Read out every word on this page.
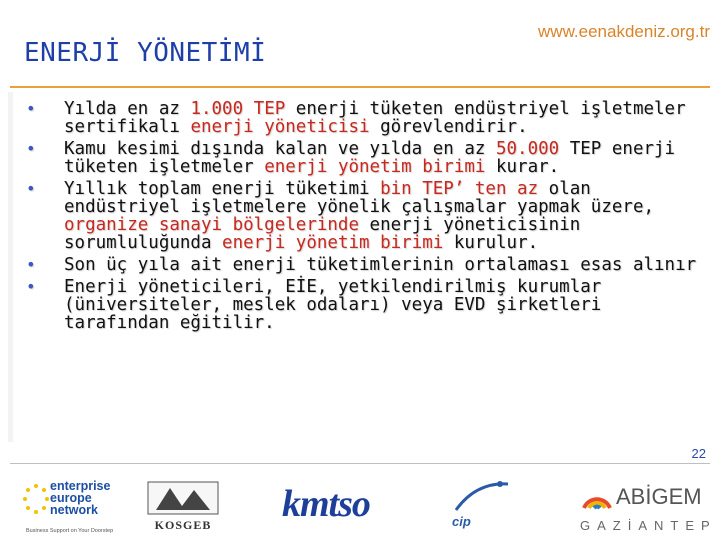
www.eenakdeniz.org.tr
ENERJİ YÖNETİMİ
• Yılda en az 1.000 TEP enerji tüketen endüstriyel işletmeler sertifikalı enerji yöneticisi görevlendirir.
• Kamu kesimi dışında kalan ve yılda en az 50.000 TEP enerji tüketen işletmeler enerji yönetim birimi kurar.
• Yıllık toplam enerji tüketimi bin TEP’ ten az olan endüstriyel işletmelere yönelik çalışmalar yapmak üzere, organize sanayi bölgelerinde enerji yöneticisinin sorumluluğunda enerji yönetim birimi kurulur.
• Son üç yıla ait enerji tüketimlerinin ortalaması esas alınır
• Enerji yöneticileri, EİE, yetkilendirilmiş kurumlar (üniversiteler, meslek odaları) veya EVD şirketleri tarafından eğitilir.
22
enterprise
europe
network
Business Support on Your Doorstep	KOSGEB kmtso	cip
ABİGEM
GAZİANTEP
